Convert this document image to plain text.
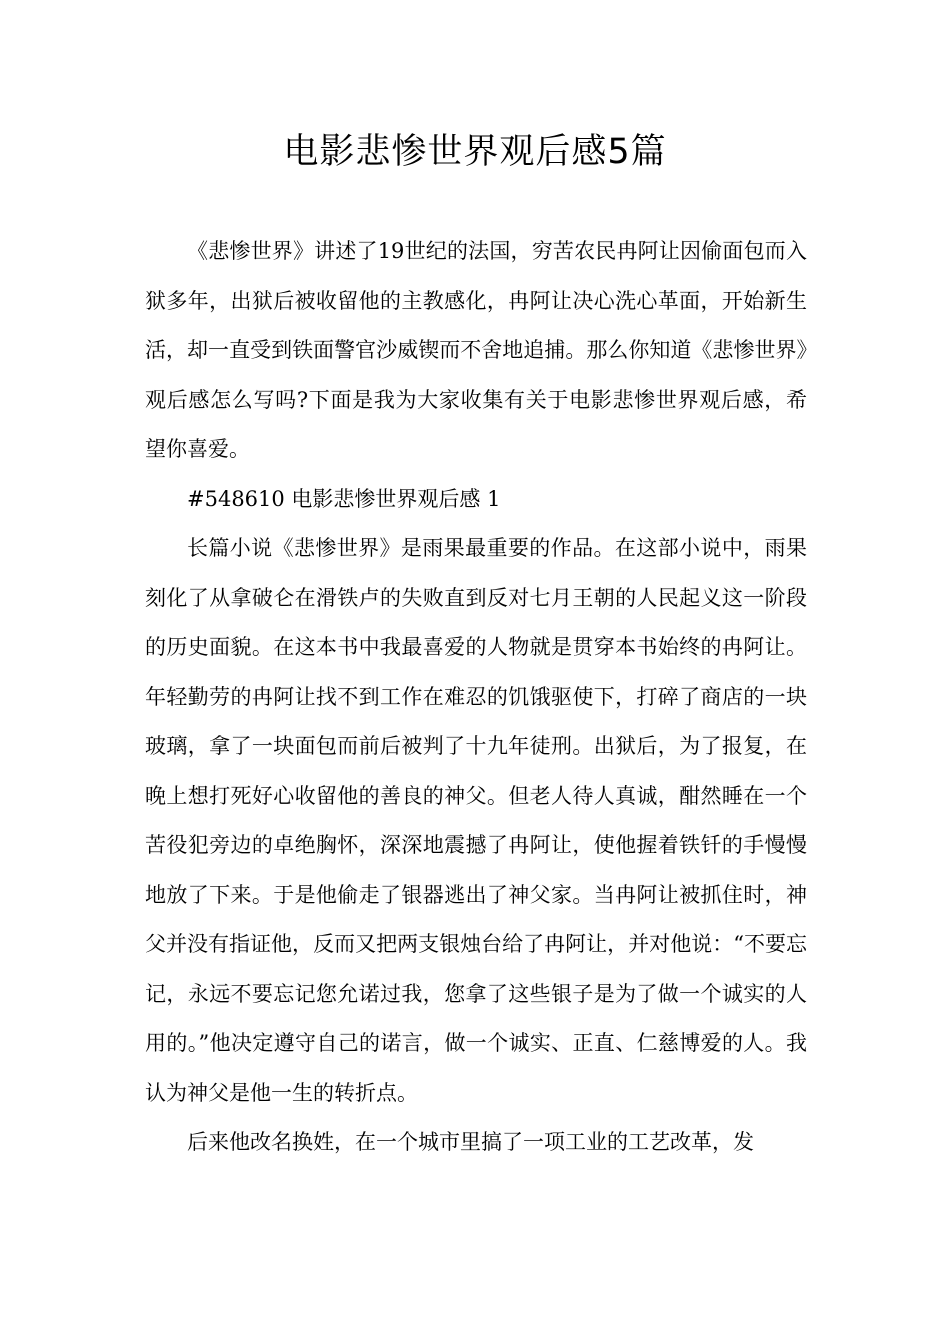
电影悲惨世界观后感5篇

《悲惨世界》讲述了19世纪的法国，穷苦农民冉阿让因偷面包而入狱多年，出狱后被收留他的主教感化，冉阿让决心洗心革面，开始新生活，却一直受到铁面警官沙威锲而不舍地追捕。那么你知道《悲惨世界》观后感怎么写吗?下面是我为大家收集有关于电影悲惨世界观后感，希望你喜爱。

#548610 电影悲惨世界观后感 1

长篇小说《悲惨世界》是雨果最重要的作品。在这部小说中，雨果刻化了从拿破仑在滑铁卢的失败直到反对七月王朝的人民起义这一阶段的历史面貌。在这本书中我最喜爱的人物就是贯穿本书始终的冉阿让。年轻勤劳的冉阿让找不到工作在难忍的饥饿驱使下，打碎了商店的一块玻璃，拿了一块面包而前后被判了十九年徒刑。出狱后，为了报复，在晚上想打死好心收留他的善良的神父。但老人待人真诚，酣然睡在一个苦役犯旁边的卓绝胸怀，深深地震撼了冉阿让，使他握着铁钎的手慢慢地放了下来。于是他偷走了银器逃出了神父家。当冉阿让被抓住时，神父并没有指证他，反而又把两支银烛台给了冉阿让，并对他说：“不要忘记，永远不要忘记您允诺过我，您拿了这些银子是为了做一个诚实的人用的。”他决定遵守自己的诺言，做一个诚实、正直、仁慈博爱的人。我认为神父是他一生的转折点。

后来他改名换姓，在一个城市里搞了一项工业的工艺改革，发
